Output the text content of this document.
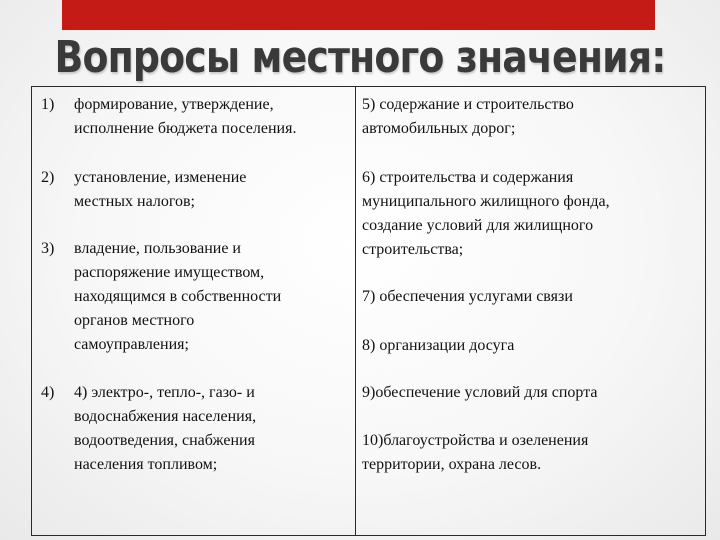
Вопросы местного значения:
1) формирование, утверждение,
исполнение бюджета поселения.
2) установление, изменение
местных налогов;
3) владение, пользование и
распоряжение имуществом,
находящимся в собственности
органов местного
самоуправления;
4) 4) электро-, тепло-, газо- и
водоснабжения населения,
водоотведения, снабжения
населения топливом;
5) содержание и строительство
автомобильных дорог;
6) строительства и содержания
муниципального жилищного фонда,
создание условий для жилищного
строительства;
7) обеспечения услугами связи
8) организации досуга
9)обеспечение условий для спорта
10)благоустройства и озеленения
территории, охрана лесов.
